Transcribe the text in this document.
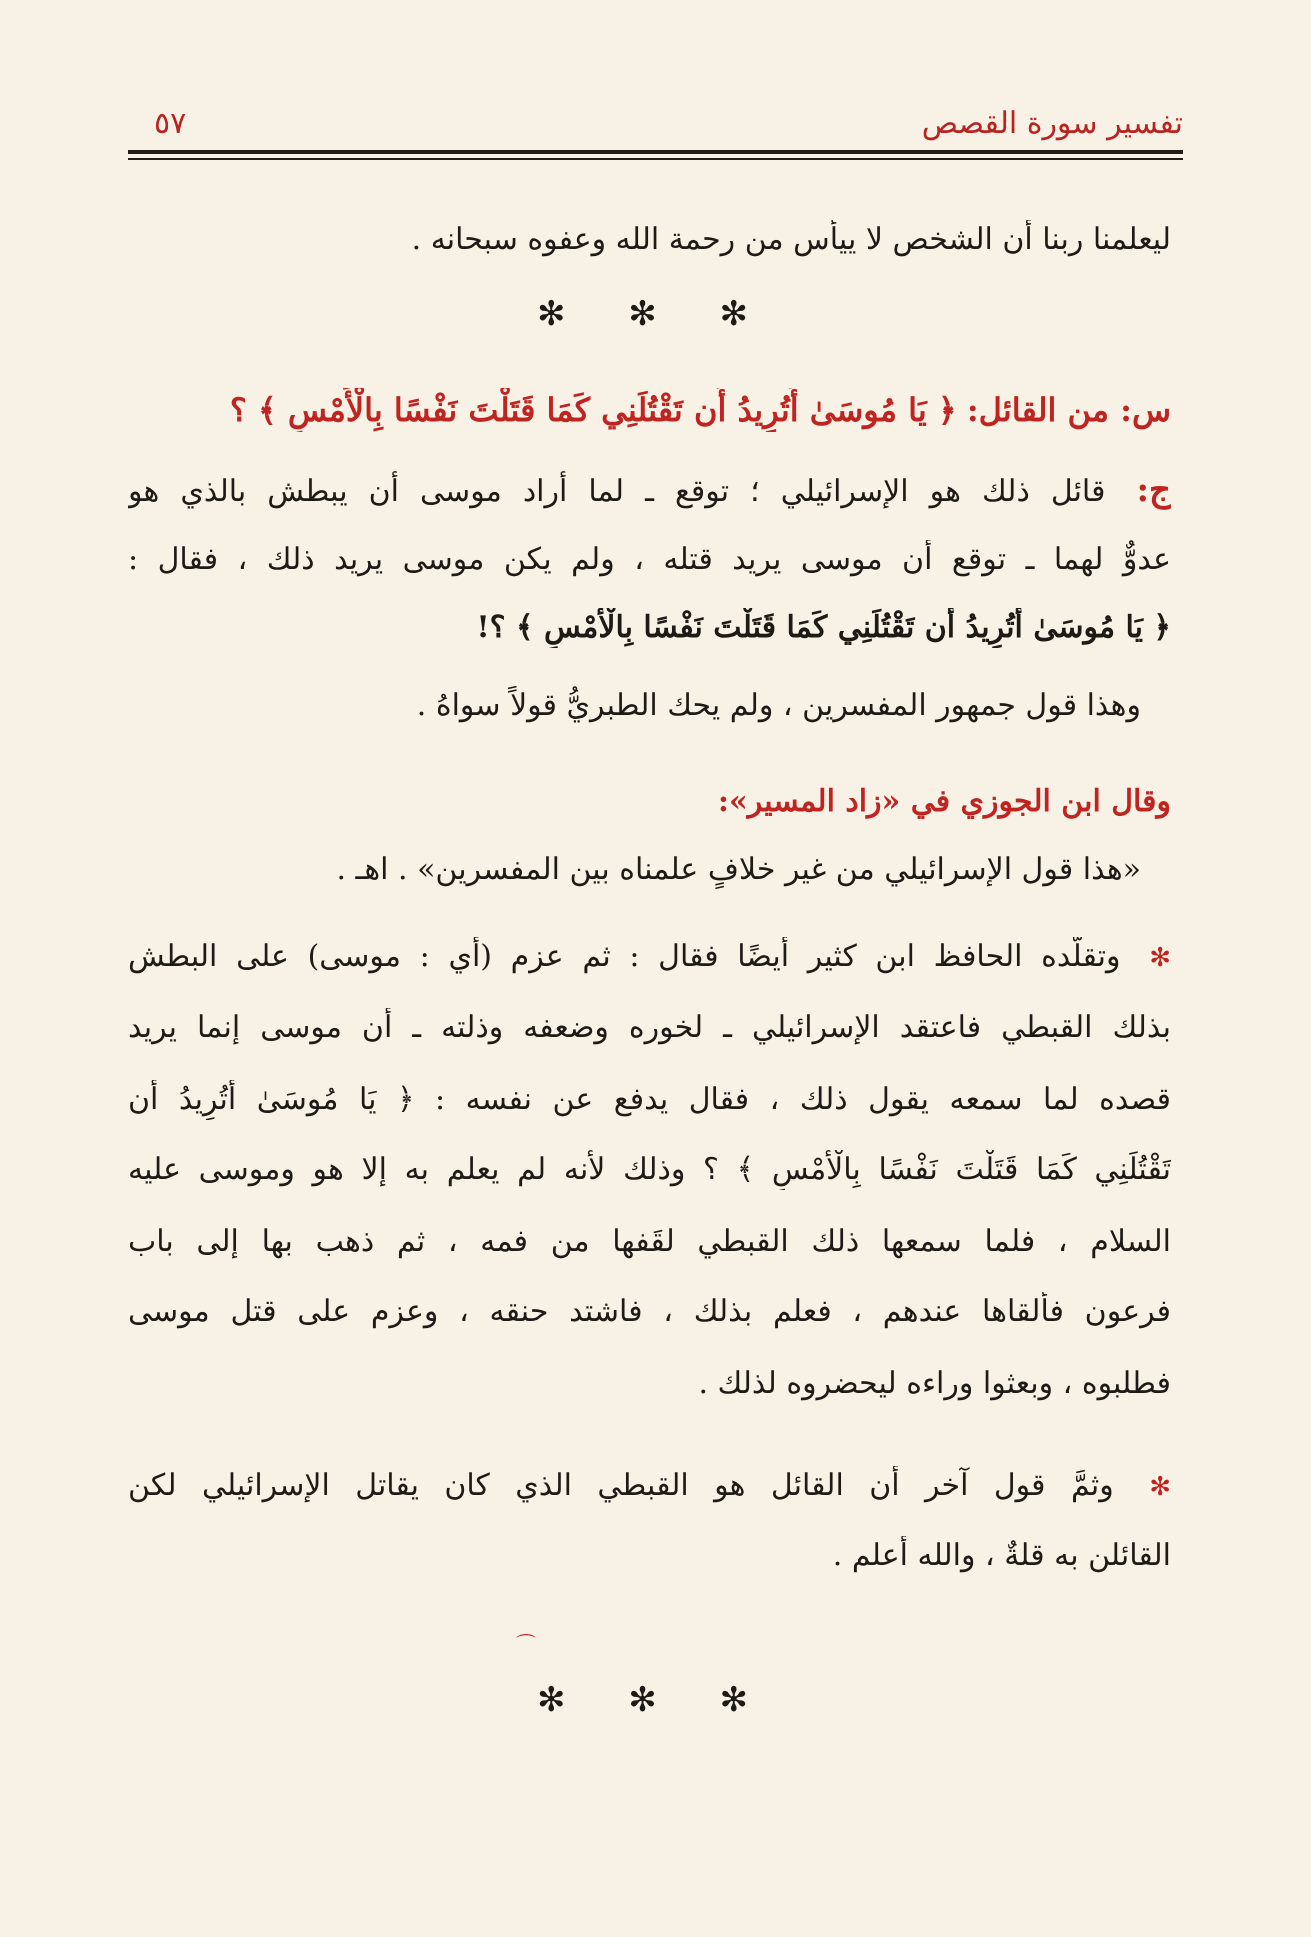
تفسير سورة القصص
٥٧
ليعلمنا ربنا أن الشخص لا ييأس من رحمة الله وعفوه سبحانه .
✻ ✻ ✻
س: من القائل: ﴿ يَا مُوسَىٰ أَتُرِيدُ أَن تَقْتُلَنِي كَمَا قَتَلْتَ نَفْسًا بِالْأَمْسِ ﴾ ؟
ج: قائل ذلك هو الإسرائيلي ؛ توقع ـ لما أراد موسى أن يبطش بالذي هو
عدوٌّ لهما ـ توقع أن موسى يريد قتله ، ولم يكن موسى يريد ذلك ، فقال :
﴿ يَا مُوسَىٰ أَتُرِيدُ أَن تَقْتُلَنِي كَمَا قَتَلْتَ نَفْسًا بِالْأَمْسِ ﴾ ؟!
وهذا قول جمهور المفسرين ، ولم يحك الطبريُّ قولاً سواهُ .
وقال ابن الجوزي في «زاد المسير»:
«هذا قول الإسرائيلي من غير خلافٍ علمناه بين المفسرين» . اهـ .
✻ وتقلَّده الحافظ ابن كثير أيضًا فقال : ثم عزم (أي : موسى) على البطش
بذلك القبطي فاعتقد الإسرائيلي ـ لخوره وضعفه وذلته ـ أن موسى إنما يريد
قصده لما سمعه يقول ذلك ، فقال يدفع عن نفسه : ﴿ يَا مُوسَىٰ أَتُرِيدُ أَن
تَقْتُلَنِي كَمَا قَتَلْتَ نَفْسًا بِالْأَمْسِ ﴾ ؟ وذلك لأنه لم يعلم به إلا هو وموسى عليه
السلام ، فلما سمعها ذلك القبطي لقَفها من فمه ، ثم ذهب بها إلى باب
فرعون فألقاها عندهم ، فعلم بذلك ، فاشتد حنقه ، وعزم على قتل موسى
فطلبوه ، وبعثوا وراءه ليحضروه لذلك .
✻ وثمَّ قول آخر أن القائل هو القبطي الذي كان يقاتل الإسرائيلي لكن
القائلن به قلةٌ ، والله أعلم .
⌒
✻ ✻ ✻
